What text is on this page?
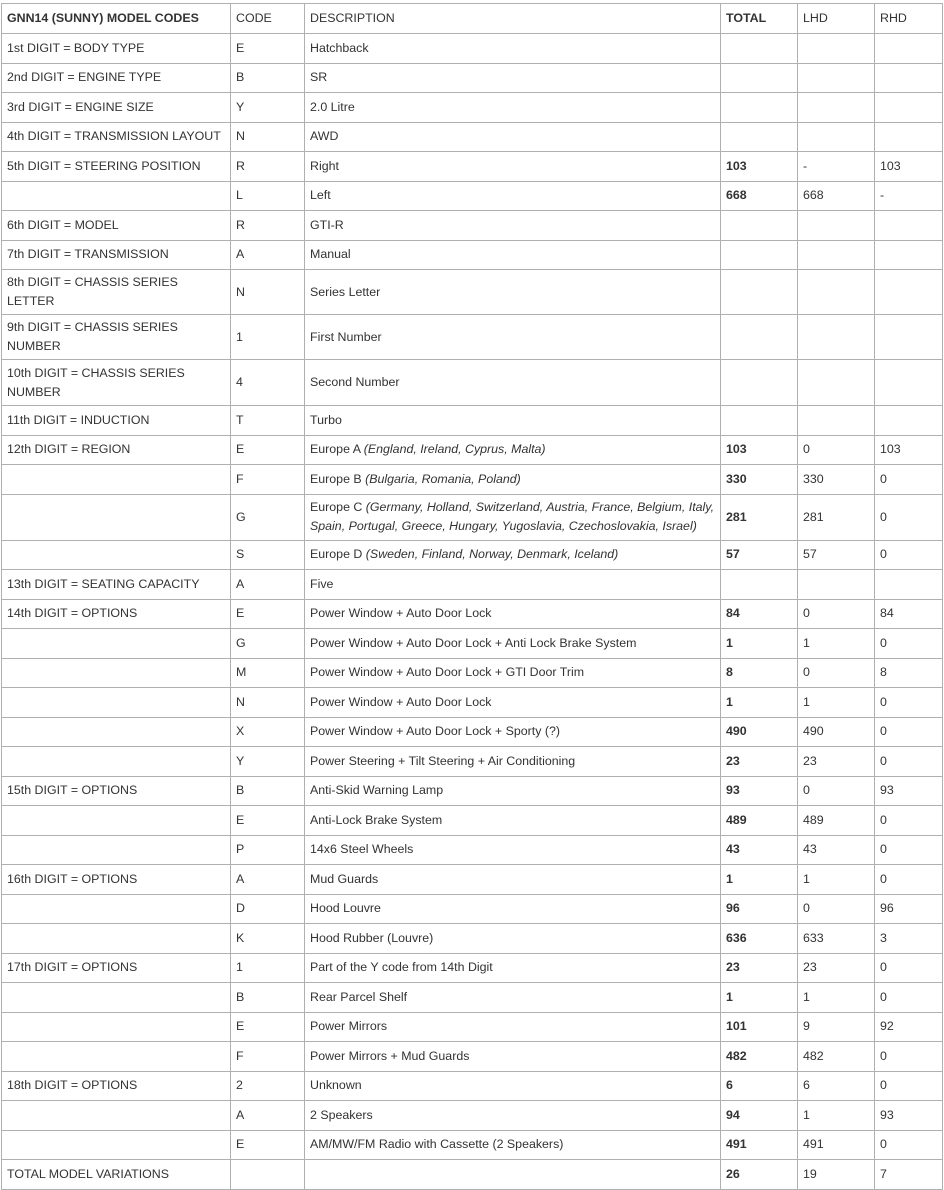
GNN14 (SUNNY) MODEL CODES	CODE	DESCRIPTION	TOTAL	LHD	RHD
1st DIGIT = BODY TYPE	E	Hatchback			
2nd DIGIT = ENGINE TYPE	B	SR			
3rd DIGIT = ENGINE SIZE	Y	2.0 Litre			
4th DIGIT = TRANSMISSION LAYOUT	N	AWD			
5th DIGIT = STEERING POSITION	R	Right	103	-	103
	L	Left	668	668	-
6th DIGIT = MODEL	R	GTI-R			
7th DIGIT = TRANSMISSION	A	Manual			
8th DIGIT = CHASSIS SERIES LETTER	N	Series Letter			
9th DIGIT = CHASSIS SERIES NUMBER	1	First Number			
10th DIGIT = CHASSIS SERIES NUMBER	4	Second Number			
11th DIGIT = INDUCTION	T	Turbo			
12th DIGIT = REGION	E	Europe A (England, Ireland, Cyprus, Malta)	103	0	103
	F	Europe B (Bulgaria, Romania, Poland)	330	330	0
	G	Europe C (Germany, Holland, Switzerland, Austria, France, Belgium, Italy, Spain, Portugal, Greece, Hungary, Yugoslavia, Czechoslovakia, Israel)	281	281	0
	S	Europe D (Sweden, Finland, Norway, Denmark, Iceland)	57	57	0
13th DIGIT = SEATING CAPACITY	A	Five			
14th DIGIT = OPTIONS	E	Power Window + Auto Door Lock	84	0	84
	G	Power Window + Auto Door Lock + Anti Lock Brake System	1	1	0
	M	Power Window + Auto Door Lock + GTI Door Trim	8	0	8
	N	Power Window + Auto Door Lock	1	1	0
	X	Power Window + Auto Door Lock + Sporty (?)	490	490	0
	Y	Power Steering + Tilt Steering + Air Conditioning	23	23	0
15th DIGIT = OPTIONS	B	Anti-Skid Warning Lamp	93	0	93
	E	Anti-Lock Brake System	489	489	0
	P	14x6 Steel Wheels	43	43	0
16th DIGIT = OPTIONS	A	Mud Guards	1	1	0
	D	Hood Louvre	96	0	96
	K	Hood Rubber (Louvre)	636	633	3
17th DIGIT = OPTIONS	1	Part of the Y code from 14th Digit	23	23	0
	B	Rear Parcel Shelf	1	1	0
	E	Power Mirrors	101	9	92
	F	Power Mirrors + Mud Guards	482	482	0
18th DIGIT = OPTIONS	2	Unknown	6	6	0
	A	2 Speakers	94	1	93
	E	AM/MW/FM Radio with Cassette (2 Speakers)	491	491	0
TOTAL MODEL VARIATIONS			26	19	7
